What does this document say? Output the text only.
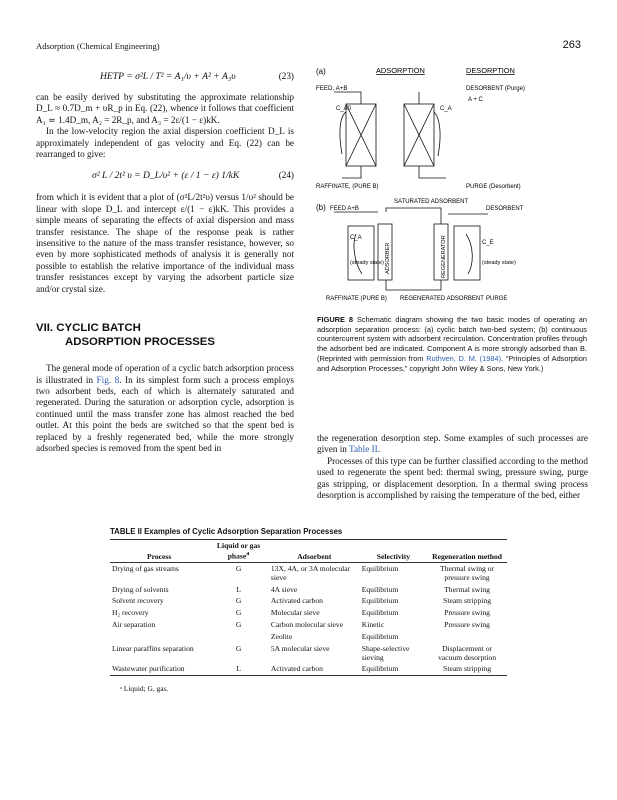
Adsorption (Chemical Engineering)	263
HETP = σ²L / T² = A₁/υ + A² + A₃υ	(23)

can be easily derived by substituting the approximate relationship D_L ≈ 0.7D_m + υR_p in Eq. (22), whence it follows that coefficient A₁ ≃ 1.4D_m, A₂ = 2R_p, and A₃ = 2ε/(1 − ε)kK.

In the low-velocity region the axial dispersion coefficient D_L is approximately independent of gas velocity and Eq. (22) can be rearranged to give:

σ² L / 2t² υ = D_L/υ² + (ε / 1 − ε) 1/kK	(24)

from which it is evident that a plot of (σ²L/2t²υ) versus 1/υ² should be linear with slope D_L and intercept ε/(1 − ε)kK. This provides a simple means of separating the effects of axial dispersion and mass transfer resistance. The shape of the response peak is rather insensitive to the nature of the mass transfer resistance, however, so even by more sophisticated methods of analysis it is generally not possible to establish the relative importance of the individual mass transfer resistances except by varying the adsorbent particle size and/or crystal size.

VII. CYCLIC BATCH
ADSORPTION PROCESSES

The general mode of operation of a cyclic batch adsorption process is illustrated in Fig. 8. In its simplest form such a process employs two adsorbent beds, each of which is alternately saturated and regenerated. During the saturation or adsorption cycle, adsorption is continued until the mass transfer zone has almost reached the bed outlet. At this point the beds are switched so that the spent bed is replaced by a freshly regenerated bed, while the more strongly adsorbed species is removed from the spent bed in

(a)	ADSORPTION	DESORPTION
FEED, A+B	DESORBENT (Purge)
A + C
C_A0	C_A
RAFFINATE, (PURE B)	PURGE (Desorbent)
(b) FEED A+B
SATURATED ADSORBENT
DESORBENT
C_A
C_E
(steady state)	(steady state)
ADSORBER	REGENERATOR
RAFFINATE (PURE B) REGENERATED ADSORBENT PURGE
FIGURE 8 Schematic diagram showing the two basic modes of operating an adsorption separation process: (a) cyclic batch two-bed system; (b) continuous countercurrent system with adsorbent recirculation. Concentration profiles through the adsorbent bed are indicated. Component A is more strongly adsorbed than B. (Reprinted with permission from Ruthven, D. M. (1984). “Principles of Adsorption and Adsorption Processes,” copyright John Wiley & Sons, New York.)

the regeneration desorption step. Some examples of such processes are given in Table II.

Processes of this type can be further classified according to the method used to regenerate the spent bed: thermal swing, pressure swing, purge gas stripping, or displacement desorption. In a thermal swing process desorption is accomplished by raising the temperature of the bed, either

TABLE II Examples of Cyclic Adsorption Separation Processes
Process	Liquid or gas phase$^a$	Adsorbent	Selectivity	Regeneration method
Drying of gas streams	G	13X, 4A, or 3A molecular sieve	Equilibrium	Thermal swing or pressure swing
Drying of solvents	L	4A sieve	Equilibrium	Thermal swing
Solvent recovery	G	Activated carbon	Equilibrium	Steam stripping
H₂ recovery	G	Molecular sieve	Equilibrium	Pressure swing
Air separation	G	Carbon molecular sieve	Kinetic	Pressure swing
		Zeolite	Equilibrium	
Linear paraffins separation	G	5A molecular sieve	Shape-selective sieving	Displacement or vacuum desorption
Wastewater purification	L	Activated carbon	Equilibrium	Steam stripping
ᵃ Liquid; G, gas.
